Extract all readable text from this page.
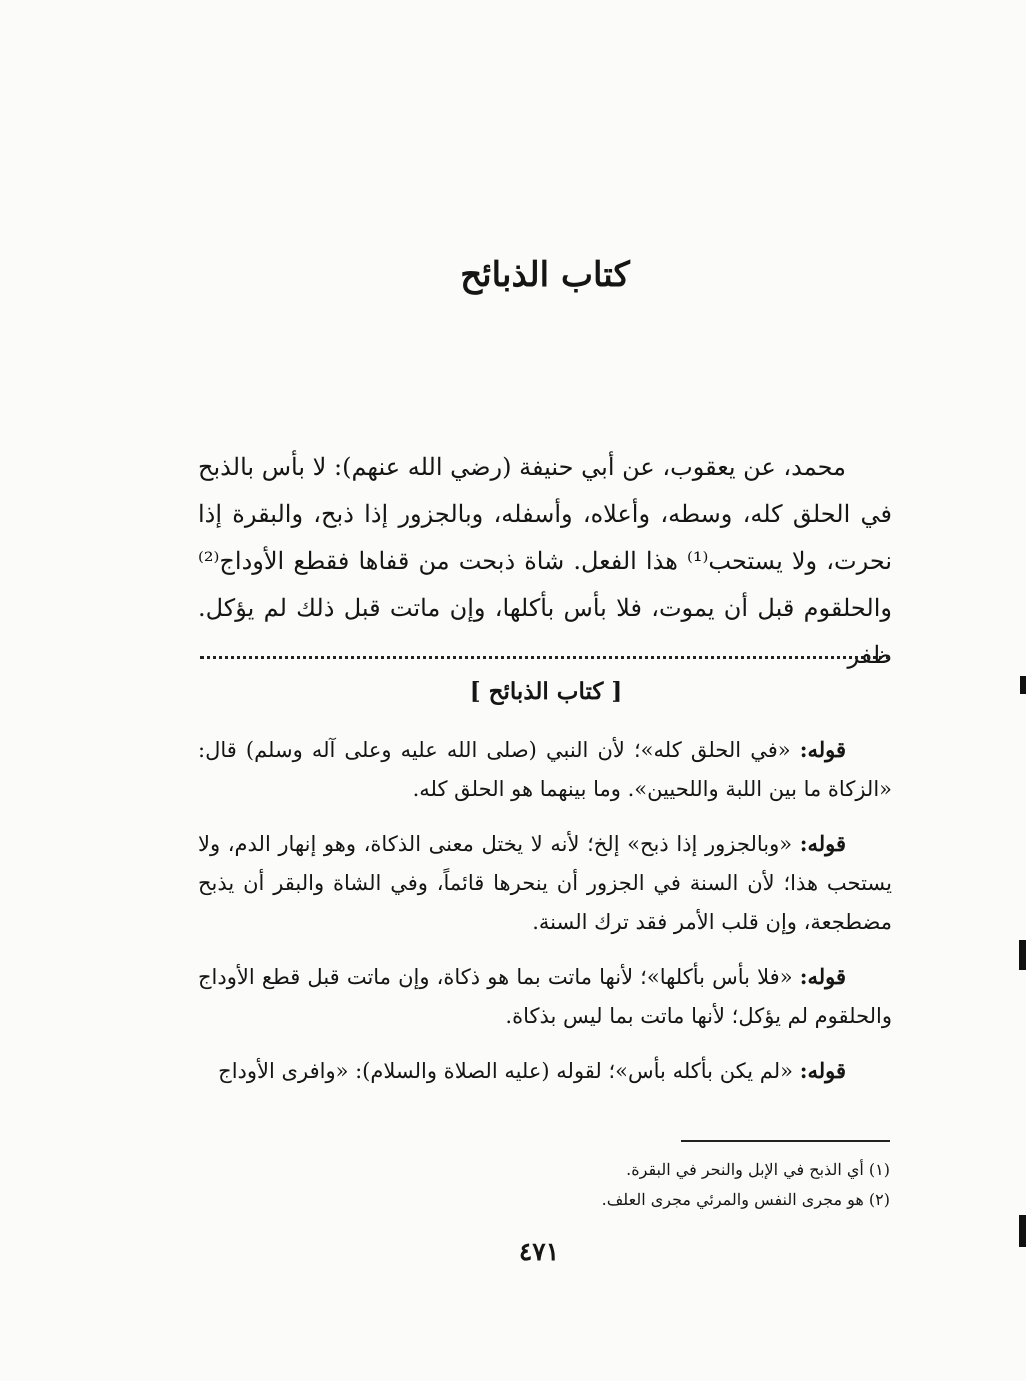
كتاب الذبائح

محمد، عن يعقوب، عن أبي حنيفة (رضي الله عنهم): لا بأس بالذبح في الحلق كله، وسطه، وأعلاه، وأسفله، وبالجزور إذا ذبح، والبقرة إذا نحرت، ولا يستحب⁽¹⁾ هذا الفعل. شاة ذبحت من قفاها فقطع الأوداج⁽²⁾ والحلقوم قبل أن يموت، فلا بأس بأكلها، وإن ماتت قبل ذلك لم يؤكل. ظفر

[ كتاب الذبائح ]

قوله: «في الحلق كله»؛ لأن النبي (صلى الله عليه وعلى آله وسلم) قال: «الزكاة ما بين اللبة واللحيين». وما بينهما هو الحلق كله.

قوله: «وبالجزور إذا ذبح» إلخ؛ لأنه لا يختل معنى الذكاة، وهو إنهار الدم، ولا يستحب هذا؛ لأن السنة في الجزور أن ينحرها قائماً، وفي الشاة والبقر أن يذبح مضطجعة، وإن قلب الأمر فقد ترك السنة.

قوله: «فلا بأس بأكلها»؛ لأنها ماتت بما هو ذكاة، وإن ماتت قبل قطع الأوداج والحلقوم لم يؤكل؛ لأنها ماتت بما ليس بذكاة.

قوله: «لم يكن بأكله بأس»؛ لقوله (عليه الصلاة والسلام): «وافرى الأوداج

(١) أي الذبح في الإبل والنحر في البقرة.

(٢) هو مجرى النفس والمرئي مجرى العلف.

٤٧١
